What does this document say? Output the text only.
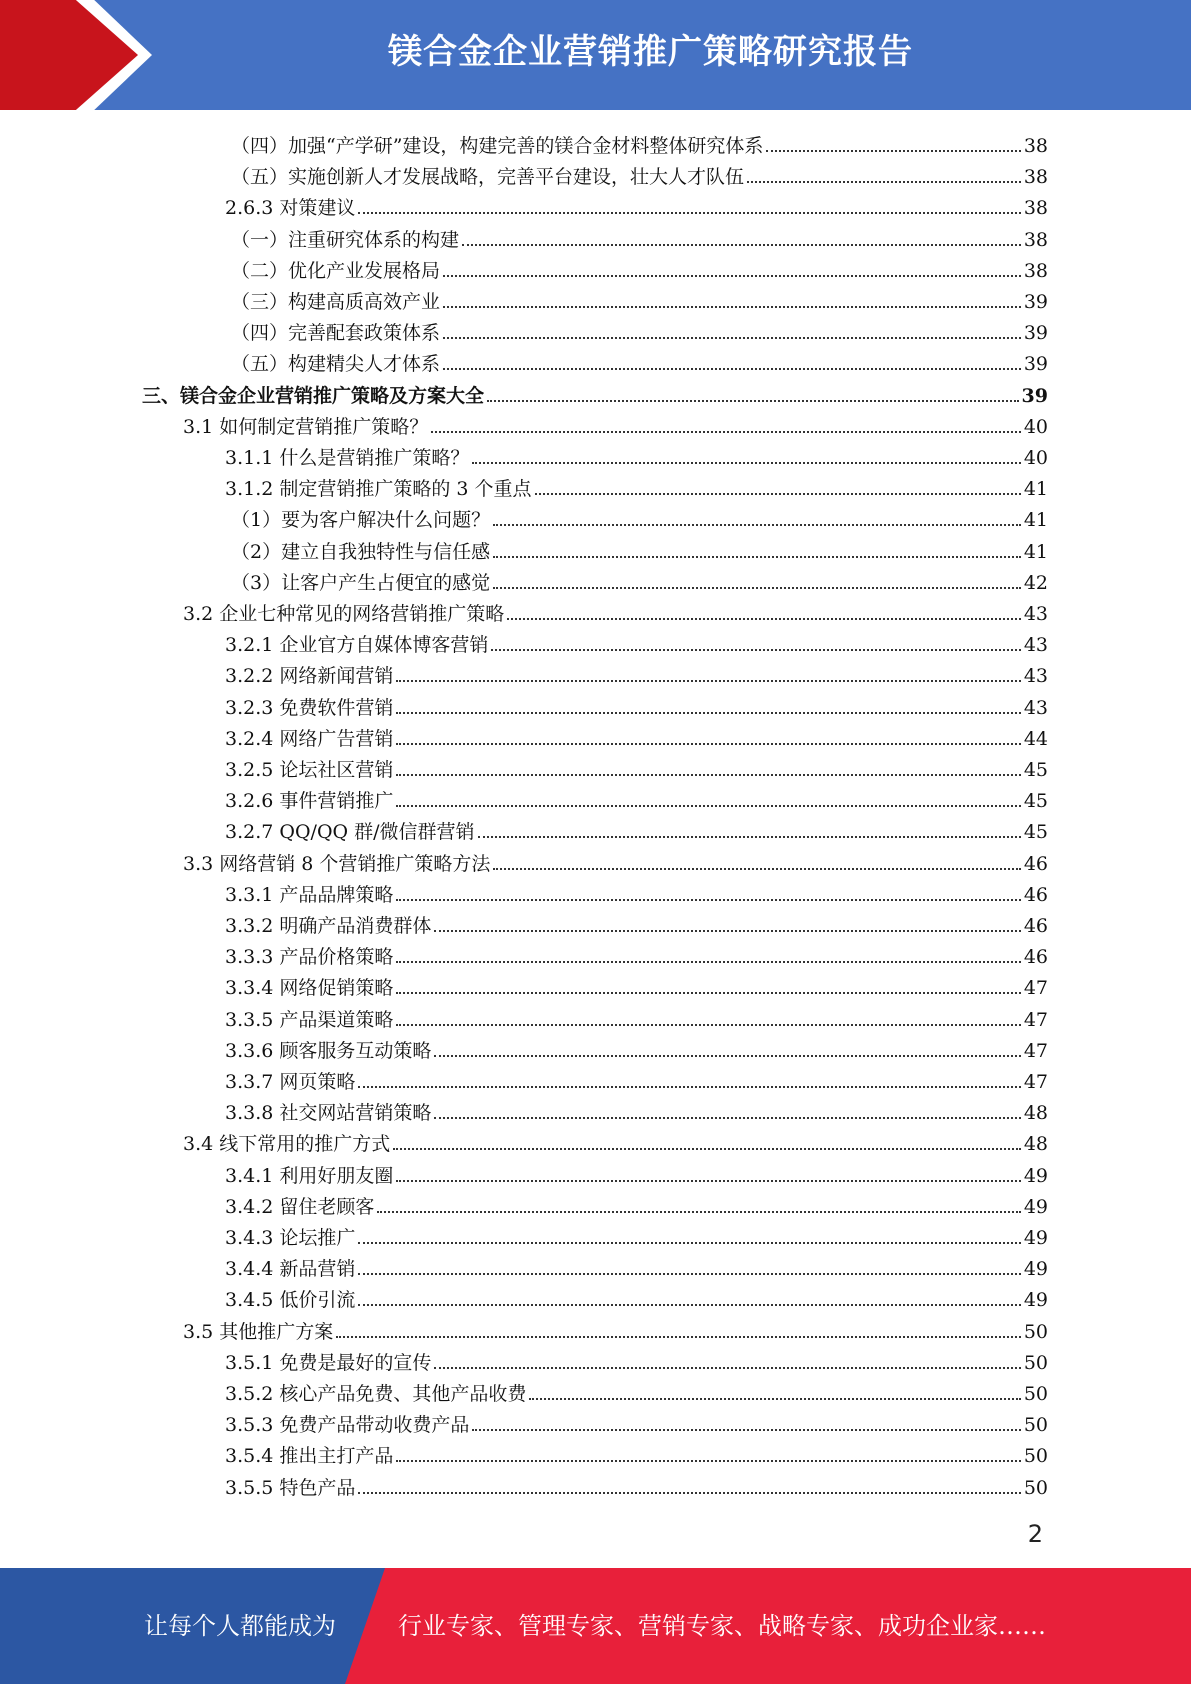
镁合金企业营销推广策略研究报告
（四）加强“产学研”建设，构建完善的镁合金材料整体研究体系	38
（五）实施创新人才发展战略，完善平台建设，壮大人才队伍	38
2.6.3 对策建议	38
（一）注重研究体系的构建	38
（二）优化产业发展格局	38
（三）构建高质高效产业	39
（四）完善配套政策体系	39
（五）构建精尖人才体系	39
三、镁合金企业营销推广策略及方案大全	39
3.1 如何制定营销推广策略？	40
3.1.1 什么是营销推广策略？	40
3.1.2 制定营销推广策略的 3 个重点	41
（1）要为客户解决什么问题？	41
（2）建立自我独特性与信任感	41
（3）让客户产生占便宜的感觉	42
3.2 企业七种常见的网络营销推广策略	43
3.2.1 企业官方自媒体博客营销	43
3.2.2 网络新闻营销	43
3.2.3 免费软件营销	43
3.2.4 网络广告营销	44
3.2.5 论坛社区营销	45
3.2.6 事件营销推广	45
3.2.7 QQ/QQ 群/微信群营销	45
3.3 网络营销 8 个营销推广策略方法	46
3.3.1 产品品牌策略	46
3.3.2 明确产品消费群体	46
3.3.3 产品价格策略	46
3.3.4 网络促销策略	47
3.3.5 产品渠道策略	47
3.3.6 顾客服务互动策略	47
3.3.7 网页策略	47
3.3.8 社交网站营销策略	48
3.4 线下常用的推广方式	48
3.4.1 利用好朋友圈	49
3.4.2 留住老顾客	49
3.4.3 论坛推广	49
3.4.4 新品营销	49
3.4.5 低价引流	49
3.5 其他推广方案	50
3.5.1 免费是最好的宣传	50
3.5.2 核心产品免费、其他产品收费	50
3.5.3 免费产品带动收费产品	50
3.5.4 推出主打产品	50
3.5.5 特色产品	50
2
让每个人都能成为	行业专家、管理专家、营销专家、战略专家、成功企业家……
